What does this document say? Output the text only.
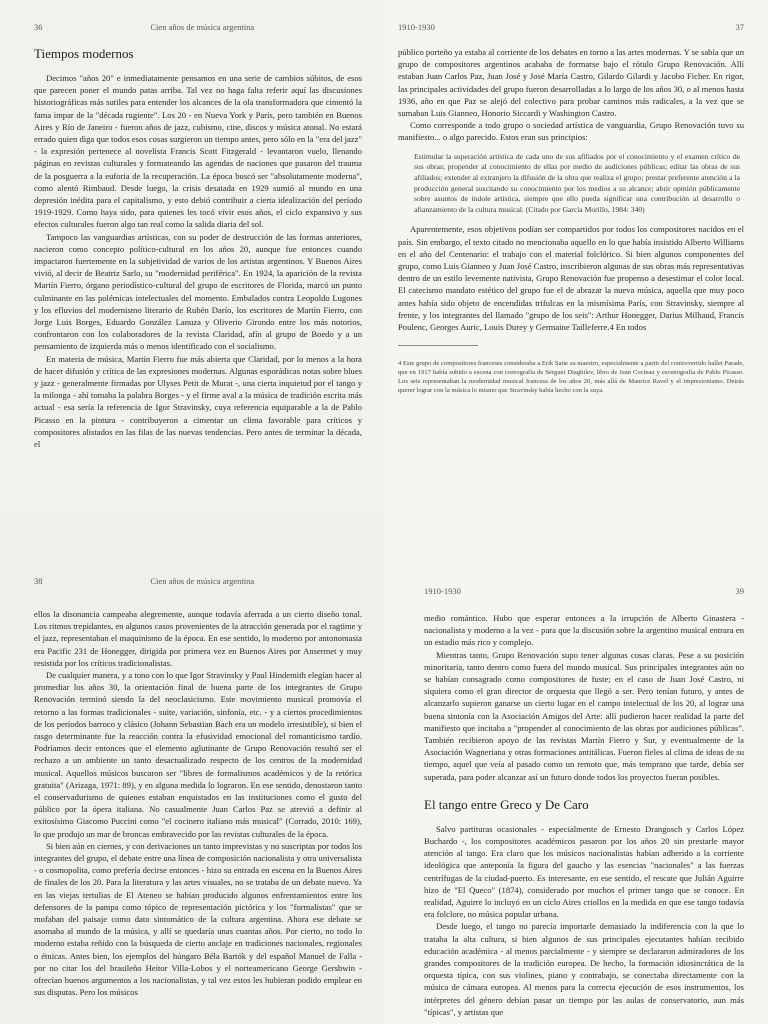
36	Cien años de música argentina
Tiempos modernos

Decimos "años 20" e inmediatamente pensamos en una serie de cambios súbitos, de esos que parecen poner el mundo patas arriba. Tal vez no haga falta referir aquí las discusiones historiográficas más sutiles para entender los alcances de la ola transformadora que cimentó la fama impar de la "década rugiente". Los 20 - en Nueva York y París, pero también en Buenos Aires y Río de Janeiro - fueron años de jazz, cubismo, cine, discos y música atonal. No estará errado quien diga que todos esos cosas surgieron un tiempo antes, pero sólo en la "era del jazz" - la expresión pertenece al novelista Francis Scott Fitzgerald - levantaron vuelo, llenando páginas en revistas culturales y formateando las agendas de naciones que pasaron del trauma de la posguerra a la euforia de la recuperación. La época buscó ser "absolutamente moderna", como alentó Rimbaud. Desde luego, la crisis desatada en 1929 sumió al mundo en una depresión inédita para el capitalismo, y esto debió contribuir a cierta idealización del período 1919-1929. Como haya sido, para quienes les tocó vivir esos años, el ciclo expansivo y sus efectos culturales fueron algo tan real como la salida diaria del sol.

Tampoco las vanguardias artísticas, con su poder de destrucción de las formas anteriores, nacieron como concepto político-cultural en los años 20, aunque fue entonces cuando impactaron fuertemente en la subjetividad de varios de los artistas argentinos. Y Buenos Aires vivió, al decir de Beatriz Sarlo, su "modernidad periférica". En 1924, la aparición de la revista Martín Fierro, órgano periodístico-cultural del grupo de escritores de Florida, marcó un punto culminante en las polémicas intelectuales del momento. Embalados contra Leopoldo Lugones y los efluvios del modernismo literario de Rubén Darío, los escritores de Martín Fierro, con Jorge Luis Borges, Eduardo González Lanuza y Oliverio Girondo entre los más notorios, confrontaron con los colaboradores de la revista Claridad, afín al grupo de Boedo y a un pensamiento de izquierda más o menos identificado con el socialismo.

En materia de música, Martín Fierro fue más abierta que Claridad, por lo menos a la hora de hacer difusión y crítica de las expresiones modernas. Algunas esporádicas notas sobre blues y jazz - generalmente firmadas por Ulyses Petit de Murat -, una cierta inquietud por el tango y la milonga - ahí tomaba la palabra Borges - y el firme aval a la música de tradición escrita más actual - esa sería la referencia de Igor Stravinsky, cuya referencia equiparable a la de Pablo Picasso en la pintura - contribuyeron a cimentar un clima favorable para críticos y compositores alistados en las filas de las nuevas tendencias. Pero antes de terminar la década, el

1910-1930	37

público porteño ya estaba al corriente de los debates en torno a las artes modernas. Y se sabía que un grupo de compositores argentinos acababa de formarse bajo el rótulo Grupo Renovación. Allí estaban Juan Carlos Paz, Juan José y José María Castro, Gilardo Gilardi y Jacobo Ficher. En rigor, las principales actividades del grupo fueron desarrolladas a lo largo de los años 30, o al menos hasta 1936, año en que Paz se alejó del colectivo para probar caminos más radicales, a la vez que se sumaban Luis Gianneo, Honorio Siccardi y Washington Castro.

Como corresponde a todo grupo o sociedad artística de vanguardia, Grupo Renovación tuvo su manifiesto... o algo parecido. Estos eran sus principios:

Estimular la superación artística de cada uno de sus afiliados por el conocimiento y el examen crítico de sus obras; propender al conocimiento de ellas por medio de audiciones públicas; editar las obras de sus afiliados; extender al extranjero la difusión de la obra que realiza el grupo; prestar preferente atención a la producción general suscitando su conocimiento por los medios a su alcance; abrir opinión públicamente sobre asuntos de índole artística, siempre que ello pueda significar una contribución al desarrollo o afianzamiento de la cultura musical. (Citado por García Morillo, 1984: 340)

Aparentemente, esos objetivos podían ser compartidos por todos los compositores nacidos en el país. Sin embargo, el texto citado no mencionaba aquello en lo que había insistido Alberto Williams en el año del Centenario: el trabajo con el material folclórico. Si bien algunos componentes del grupo, como Luis Gianneo y Juan José Castro, inscribieron algunas de sus obras más representativas dentro de un estilo levemente nativista, Grupo Renovación fue propenso a desestimar el color local. El catecismo mandato estético del grupo fue el de abrazar la nueva música, aquella que muy poco antes había sido objeto de encendidas trifulcas en la mismísima París, con Stravinsky, siempre al frente, y los integrantes del llamado "grupo de los seis": Arthur Honegger, Darius Milhaud, Francis Poulenc, Georges Auric, Louis Durey y Germaine Tailleferre.4 En todos

4 Este grupo de compositores franceses consideraba a Erik Satie su maestro, especialmente a partir del controvertido ballet Parade, que en 1917 había subido a escena con coreografía de Serguei Diaghilev, libro de Jean Cocteau y escenografía de Pablo Picasso. Los seis representaban la modernidad musical francesa de los años 20, más allá de Maurice Ravel y el impresionismo. Detrás querer lograr con la música lo mismo que Stravinsky había hecho con la suya.
38	Cien años de música argentina

ellos la disonancia campeaba alegremente, aunque todavía aferrada a un cierto diseño tonal. Los ritmos trepidantes, en algunos casos provenientes de la atracción generada por el ragtime y el jazz, representaban el maquinismo de la época. En ese sentido, lo moderno por antonomasia era Pacific 231 de Honegger, dirigida por primera vez en Buenos Aires por Ansermet y muy resistida por los críticos tradicionalistas.

De cualquier manera, y a tono con lo que Igor Stravinsky y Paul Hindemith elegían hacer al promediar los años 30, la orientación final de buena parte de los integrantes de Grupo Renovación terminó siendo la del neoclasicismo. Este movimiento musical promovía el retorno a las formas tradicionales - suite, variación, sinfonía, etc. - y a ciertos procedimientos de los períodos barroco y clásico (Johann Sebastian Bach era un modelo irresistible), si bien el rasgo determinante fue la reacción contra la efusividad emocional del romanticismo tardío. Podríamos decir entonces que el elemento aglutinante de Grupo Renovación resultó ser el rechazo a un ambiente un tanto desactualizado respecto de los centros de la modernidad musical. Aquellos músicos buscaron ser "libres de formalismos académicos y de la retórica gratuita" (Arizaga, 1971: 89), y en alguna medida lo lograron. En ese sentido, denostaron tanto el conservadurismo de quienes estaban enquistados en las instituciones como el gusto del público por la ópera italiana. No casualmente Juan Carlos Paz se atrevió a definir al exitosísimo Giacomo Puccini como "el cocinero italiano más musical" (Corrado, 2010: 169), lo que produjo un mar de broncas embravecido por las revistas culturales de la época.

Si bien aún en ciernes, y con derivaciones un tanto imprevistas y no suscriptas por todos los integrantes del grupo, el debate entre una línea de composición nacionalista y otra universalista - o cosmopolita, como prefería decirse entonces - hizo su entrada en escena en la Buenos Aires de finales de los 20. Para la literatura y las artes visuales, no se trataba de un debate nuevo. Ya en las viejas tertulias de El Ateneo se habían producido algunos enfrentamientos entre los defensores de la pampa como tópico de representación pictórica y los "formalistas" que se mofaban del paisaje como dato sintomático de la cultura argentina. Ahora ese debate se asomaba al mundo de la música, y allí se quedaría unas cuantas años. Por cierto, no todo lo moderno estaba reñido con la búsqueda de cierto anclaje en tradiciones nacionales, regionales o étnicas. Antes bien, los ejemplos del húngaro Béla Bartók y del español Manuel de Falla - por no citar los del brasileño Heitor Villa-Lobos y el norteamericano George Gershwin - ofrecían buenos argumentos a los nacionalistas, y tal vez estos les hubieran podido emplear en sus disputas. Pero los músicos

1910-1930	39

medio romántico. Hubo que esperar entonces a la irrupción de Alberto Ginastera - nacionalista y moderno a la vez - para que la discusión sobre la argentino musical entrara en un estadio más rico y complejo.

Mientras tanto, Grupo Renovación supo tener algunas cosas claras. Pese a su posición minoritaria, tanto dentro como fuera del mundo musical. Sus principales integrantes aún no se habían consagrado como compositores de fuste; en el caso de Juan José Castro, ni siquiera como el gran director de orquesta que llegó a ser. Pero tenían futuro, y antes de alcanzarlo supieron ganarse un cierto lugar en el campo intelectual de los 20, al lograr una buena sintonía con la Asociación Amigos del Arte: allí pudieron hacer realidad la parte del manifiesto que incitaba a "propender al conocimiento de las obras por audiciones públicas". También recibieron apoyo de las revistas Martín Fierro y Sur, y eventualmente de la Asociación Wagneriana y otras formaciones antitálicas. Fueron fieles al clima de ideas de su tiempo, aquel que veía al pasado como un remoto que, más temprano que tarde, debía ser superada, para poder alcanzar así un futuro donde todos los proyectos fueran posibles.

El tango entre Greco y De Caro

Salvo partituras ocasionales - especialmente de Ernesto Drangosch y Carlos López Buchardo -, los compositores académicos pasaron por los años 20 sin prestarle mayor atención al tango. Era claro que los músicos nacionalistas habían adherido a la corriente ideológica que anteponía la figura del gaucho y las esencias "nacionales" a las fuerzas centrífugas de la ciudad-puerto. Es interesante, en ese sentido, el rescate que Julián Aguirre hizo de "El Queco" (1874), considerado por muchos el primer tango que se conoce. En realidad, Aguirre lo incluyó en un ciclo Aires criollos en la medida en que ese tango todavía era folclore, no música popular urbana.

Desde luego, el tango no parecía importarle demasiado la indiferencia con la que lo trataba la alta cultura, si bien algunos de sus principales ejecutantes habían recibido educación académica - al menos parcialmente - y siempre se declararon admiradores de los grandes compositores de la tradición europea. De hecho, la formación idiosincrática de la orquesta típica, con sus violines, piano y contrabajo, se conectaba directamente con la música de cámara europea. Al menos para la correcta ejecución de esos instrumentos, los intérpretes del género debían pasar un tiempo por las aulas de conservatorio, aun más "típicas", y artistas que
